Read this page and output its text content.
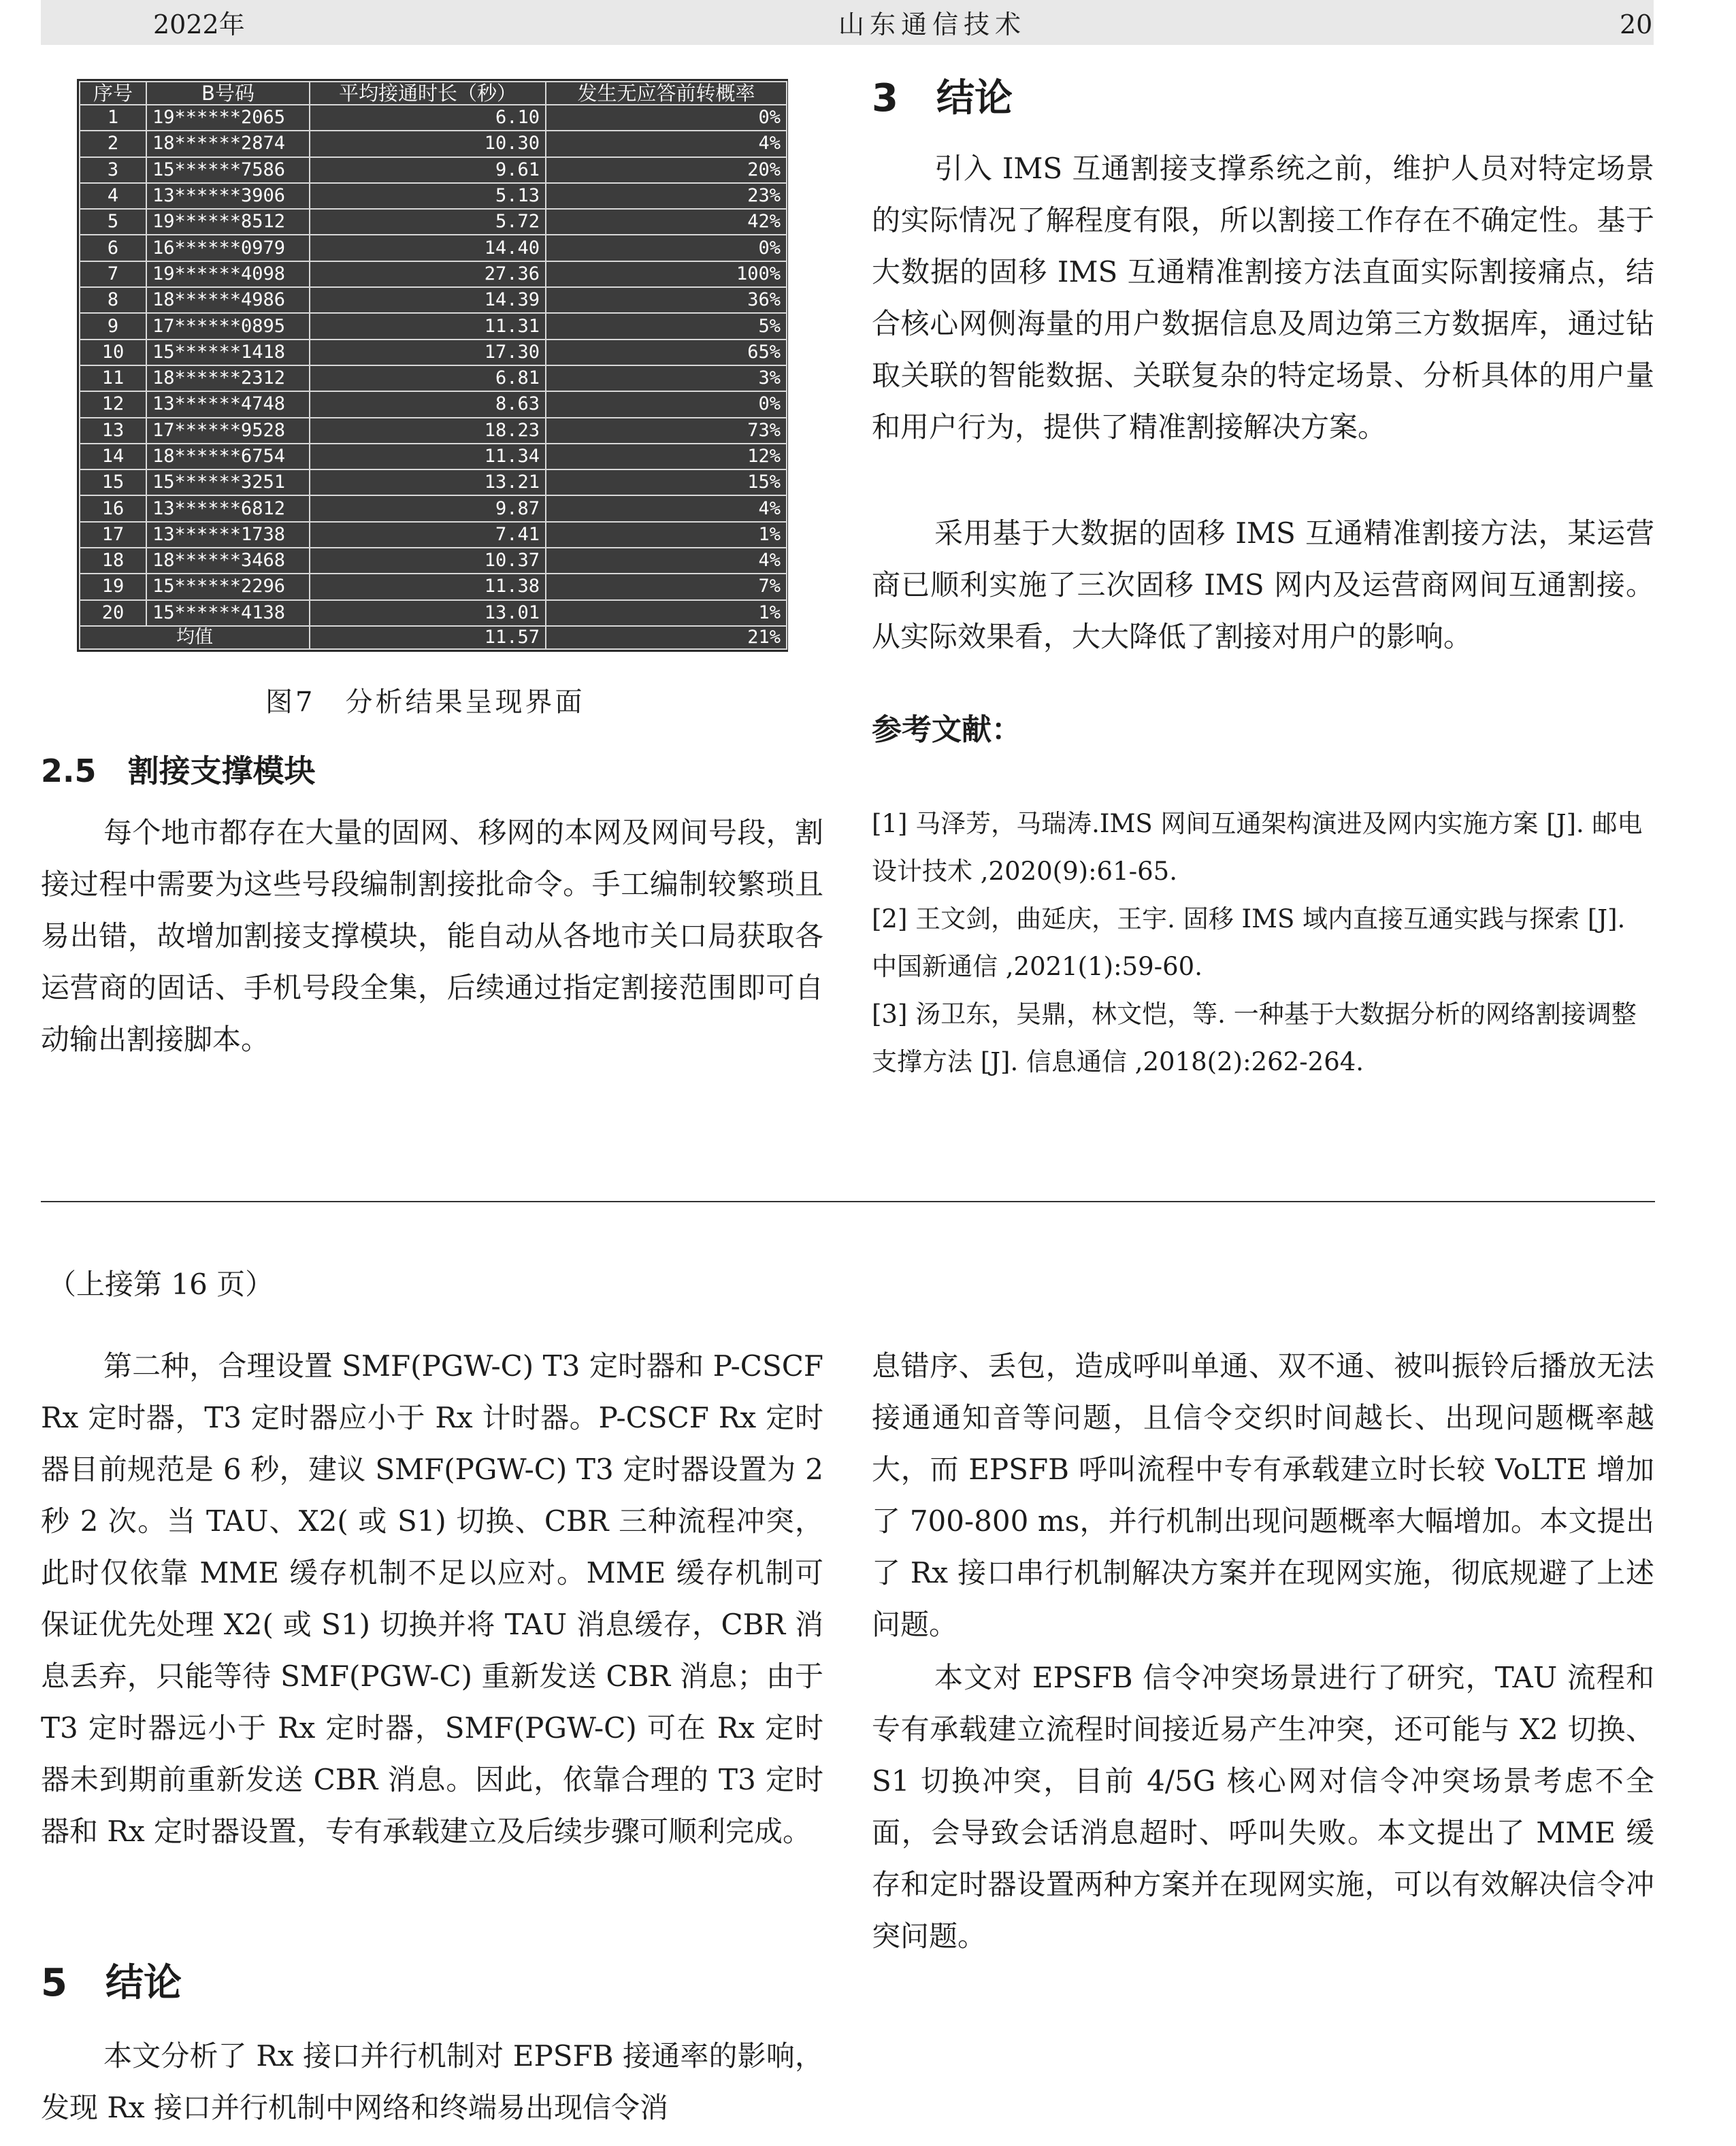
2022年	山东通信技术	20
序号	B号码	平均接通时长（秒）	发生无应答前转概率
1	19******2065	6.10	0%
2	18******2874	10.30	4%
3	15******7586	9.61	20%
4	13******3906	5.13	23%
5	19******8512	5.72	42%
6	16******0979	14.40	0%
7	19******4098	27.36	100%
8	18******4986	14.39	36%
9	17******0895	11.31	5%
10	15******1418	17.30	65%
11	18******2312	6.81	3%
12	13******4748	8.63	0%
13	17******9528	18.23	73%
14	18******6754	11.34	12%
15	15******3251	13.21	15%
16	13******6812	9.87	4%
17	13******1738	7.41	1%
18	18******3468	10.37	4%
19	15******2296	11.38	7%
20	15******4138	13.01	1%
均值		11.57	21%
图7　分析结果呈现界面
2.5　割接支撑模块

每个地市都存在大量的固网、移网的本网及网间号段，割接过程中需要为这些号段编制割接批命令。手工编制较繁琐且易出错，故增加割接支撑模块，能自动从各地市关口局获取各运营商的固话、手机号段全集，后续通过指定割接范围即可自动输出割接脚本。

3　结论

引入 IMS 互通割接支撑系统之前，维护人员对特定场景的实际情况了解程度有限，所以割接工作存在不确定性。基于大数据的固移 IMS 互通精准割接方法直面实际割接痛点，结合核心网侧海量的用户数据信息及周边第三方数据库，通过钻取关联的智能数据、关联复杂的特定场景、分析具体的用户量和用户行为，提供了精准割接解决方案。

采用基于大数据的固移 IMS 互通精准割接方法，某运营商已顺利实施了三次固移 IMS 网内及运营商网间互通割接。从实际效果看，大大降低了割接对用户的影响。

参考文献：

[1] 马泽芳，马瑞涛.IMS 网间互通架构演进及网内实施方案 [J]. 邮电设计技术 ,2020(9):61-65.

[2] 王文剑，曲延庆，王宇. 固移 IMS 域内直接互通实践与探索 [J]. 中国新通信 ,2021(1):59-60.

[3] 汤卫东，吴鼎，林文恺，等. 一种基于大数据分析的网络割接调整支撑方法 [J]. 信息通信 ,2018(2):262-264.

（上接第 16 页）

第二种，合理设置 SMF(PGW-C) T3 定时器和 P-CSCF Rx 定时器，T3 定时器应小于 Rx 计时器。P-CSCF Rx 定时器目前规范是 6 秒，建议 SMF(PGW-C) T3 定时器设置为 2 秒 2 次。当 TAU、X2( 或 S1) 切换、CBR 三种流程冲突，此时仅依靠 MME 缓存机制不足以应对。MME 缓存机制可保证优先处理 X2( 或 S1) 切换并将 TAU 消息缓存，CBR 消息丢弃，只能等待 SMF(PGW-C) 重新发送 CBR 消息；由于 T3 定时器远小于 Rx 定时器，SMF(PGW-C) 可在 Rx 定时器未到期前重新发送 CBR 消息。因此，依靠合理的 T3 定时器和 Rx 定时器设置，专有承载建立及后续步骤可顺利完成。

5　结论

本文分析了 Rx 接口并行机制对 EPSFB 接通率的影响，发现 Rx 接口并行机制中网络和终端易出现信令消

息错序、丢包，造成呼叫单通、双不通、被叫振铃后播放无法接通通知音等问题，且信令交织时间越长、出现问题概率越大，而 EPSFB 呼叫流程中专有承载建立时长较 VoLTE 增加了 700-800 ms，并行机制出现问题概率大幅增加。本文提出了 Rx 接口串行机制解决方案并在现网实施，彻底规避了上述问题。

本文对 EPSFB 信令冲突场景进行了研究，TAU 流程和专有承载建立流程时间接近易产生冲突，还可能与 X2 切换、S1 切换冲突，目前 4/5G 核心网对信令冲突场景考虑不全面，会导致会话消息超时、呼叫失败。本文提出了 MME 缓存和定时器设置两种方案并在现网实施，可以有效解决信令冲突问题。
